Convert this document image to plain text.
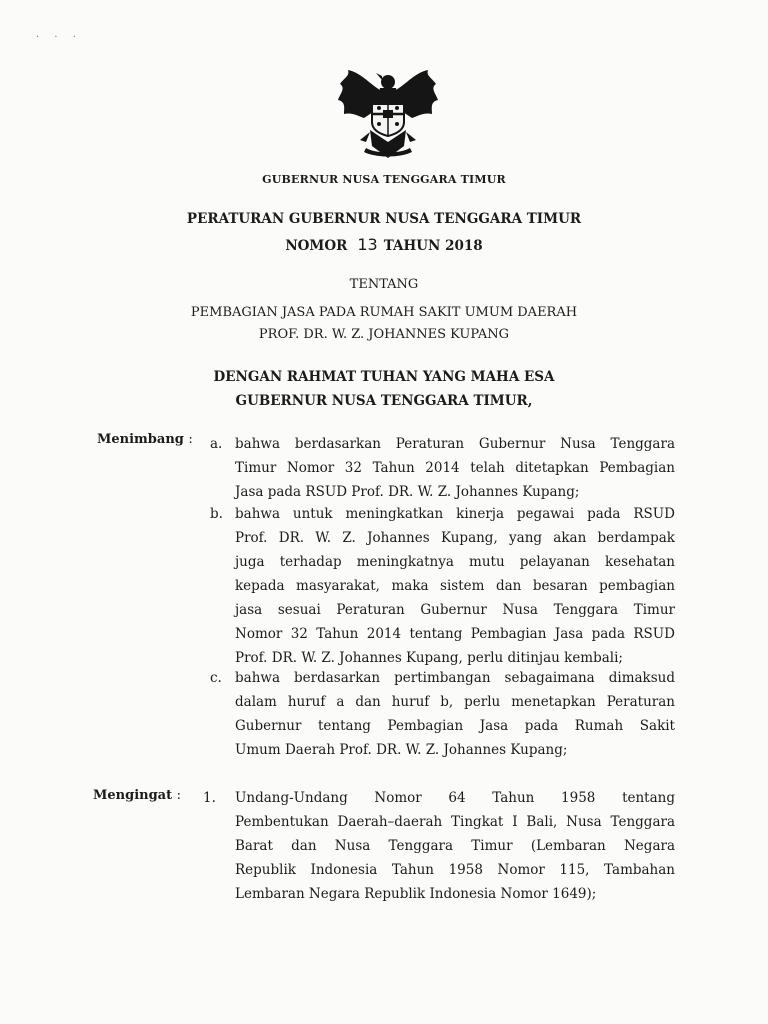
· · ·
GUBERNUR NUSA TENGGARA TIMUR
PERATURAN GUBERNUR NUSA TENGGARA TIMUR
NOMOR 13 TAHUN 2018
TENTANG
PEMBAGIAN JASA PADA RUMAH SAKIT UMUM DAERAH
PROF. DR. W. Z. JOHANNES KUPANG
DENGAN RAHMAT TUHAN YANG MAHA ESA
GUBERNUR NUSA TENGGARA TIMUR,
Menimbang : a. bahwa berdasarkan Peraturan Gubernur Nusa Tenggara
Timur Nomor 32 Tahun 2014 telah ditetapkan Pembagian
Jasa pada RSUD Prof. DR. W. Z. Johannes Kupang;
b. bahwa untuk meningkatkan kinerja pegawai pada RSUD
Prof. DR. W. Z. Johannes Kupang, yang akan berdampak
juga terhadap meningkatnya mutu pelayanan kesehatan
kepada masyarakat, maka sistem dan besaran pembagian
jasa sesuai Peraturan Gubernur Nusa Tenggara Timur
Nomor 32 Tahun 2014 tentang Pembagian Jasa pada RSUD
Prof. DR. W. Z. Johannes Kupang, perlu ditinjau kembali;
c. bahwa berdasarkan pertimbangan sebagaimana dimaksud
dalam huruf a dan huruf b, perlu menetapkan Peraturan
Gubernur tentang Pembagian Jasa pada Rumah Sakit
Umum Daerah Prof. DR. W. Z. Johannes Kupang;
Mengingat : 1. Undang-Undang Nomor 64 Tahun 1958 tentang
Pembentukan Daerah–daerah Tingkat I Bali, Nusa Tenggara
Barat dan Nusa Tenggara Timur (Lembaran Negara
Republik Indonesia Tahun 1958 Nomor 115, Tambahan
Lembaran Negara Republik Indonesia Nomor 1649);
